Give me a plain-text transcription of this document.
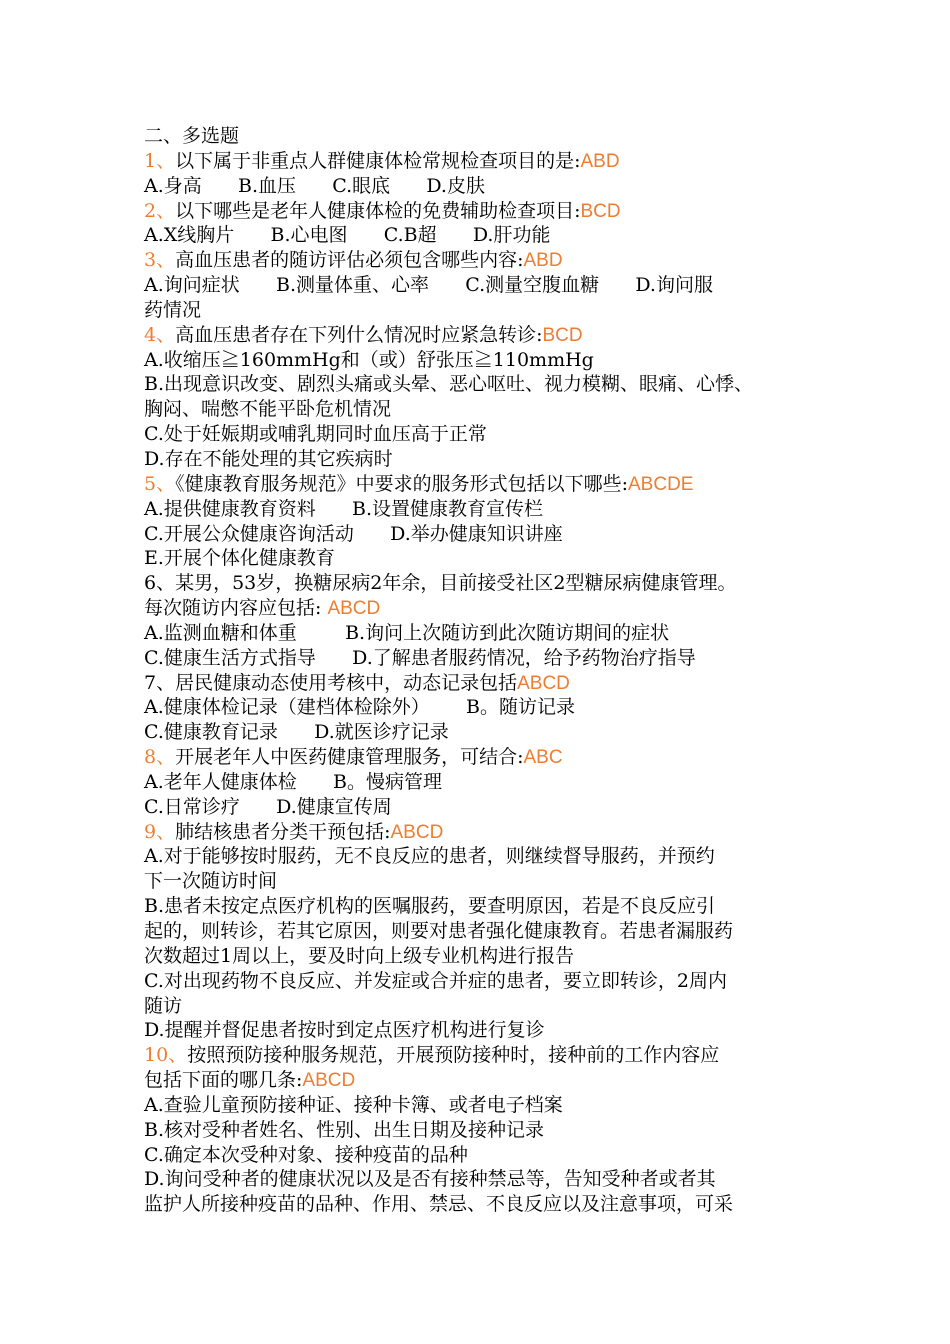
二、多选题
1、以下属于非重点人群健康体检常规检查项目的是:ABD
A.身高      B.血压      C.眼底      D.皮肤
2、以下哪些是老年人健康体检的免费辅助检查项目:BCD
A.X线胸片      B.心电图      C.B超      D.肝功能
3、高血压患者的随访评估必须包含哪些内容:ABD
A.询问症状      B.测量体重、心率      C.测量空腹血糖      D.询问服
药情况
4、高血压患者存在下列什么情况时应紧急转诊:BCD
A.收缩压≧160mmHg和（或）舒张压≧110mmHg
B.出现意识改变、剧烈头痛或头晕、恶心呕吐、视力模糊、眼痛、心悸、
胸闷、喘憋不能平卧危机情况
C.处于妊娠期或哺乳期同时血压高于正常
D.存在不能处理的其它疾病时
5、《健康教育服务规范》中要求的服务形式包括以下哪些:ABCDE
A.提供健康教育资料      B.设置健康教育宣传栏
C.开展公众健康咨询活动      D.举办健康知识讲座
E.开展个体化健康教育
6、某男，53岁，换糖尿病2年余，目前接受社区2型糖尿病健康管理。
每次随访内容应包括: ABCD
A.监测血糖和体重        B.询问上次随访到此次随访期间的症状
C.健康生活方式指导      D.了解患者服药情况，给予药物治疗指导
7、居民健康动态使用考核中，动态记录包括ABCD
A.健康体检记录（建档体检除外）      B。随访记录
C.健康教育记录      D.就医诊疗记录
8、开展老年人中医药健康管理服务，可结合:ABC
A.老年人健康体检      B。慢病管理
C.日常诊疗      D.健康宣传周
9、肺结核患者分类干预包括:ABCD
A.对于能够按时服药，无不良反应的患者，则继续督导服药，并预约
下一次随访时间
B.患者未按定点医疗机构的医嘱服药，要查明原因，若是不良反应引
起的，则转诊，若其它原因，则要对患者强化健康教育。若患者漏服药
次数超过1周以上，要及时向上级专业机构进行报告
C.对出现药物不良反应、并发症或合并症的患者，要立即转诊，2周内
随访
D.提醒并督促患者按时到定点医疗机构进行复诊
10、按照预防接种服务规范，开展预防接种时，接种前的工作内容应
包括下面的哪几条:ABCD
A.查验儿童预防接种证、接种卡簿、或者电子档案
B.核对受种者姓名、性别、出生日期及接种记录
C.确定本次受种对象、接种疫苗的品种
D.询问受种者的健康状况以及是否有接种禁忌等，告知受种者或者其
监护人所接种疫苗的品种、作用、禁忌、不良反应以及注意事项，可采
